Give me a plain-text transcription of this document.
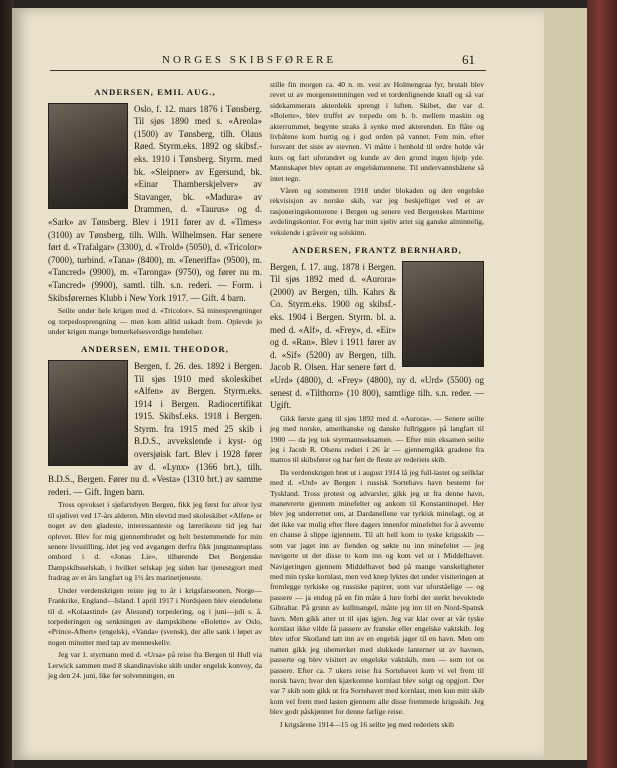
NORGES SKIBSFØRERE	61
ANDERSEN, EMIL AUG.,

Oslo, f. 12. mars 1876 i Tønsberg. Til sjøs 1890 med s. «Areola» (1500) av Tønsberg, tilh. Olaus Røed. Styrm.eks. 1892 og skibsf.-eks. 1910 i Tønsberg. Styrm. med bk. «Sleipner» av Egersund, bk. «Einar Thamberskjelver» av Stavanger, bk. «Madura» av Drammen, d. «Taurus» og d. «Sark» av Tønsberg. Blev i 1911 fører av d. «Times» (3100) av Tønsberg, tilh. Wilh. Wilhelmsen. Har senere ført d. «Trafalgar» (3300), d. «Trold» (5050), d. «Tricolor» (7000), turbind. «Tana» (8400), m. «Teneriffa» (9500), m. «Tancred» (9900), m. «Taronga» (9750), og fører nu m. «Tancred» (9900), samtl. tilh. s.n. rederi. — Form. i Skibsførernes Klubb i New York 1917. — Gift. 4 barn.

Seilte under hele krigen med d. «Tricolor». Så minesprengninger og torpedosprengning — men kom alltid uskadt frem. Oplevde jo under krigen mange bemerkelsesverdige hendelser.

ANDERSEN, EMIL THEODOR,

Bergen, f. 26. des. 1892 i Bergen. Til sjøs 1910 med skoleskibet «Alfen» av Bergen. Styrm.eks. 1914 i Bergen. Radiocertifikat 1915. Skibsf.eks. 1918 i Bergen. Styrm. fra 1915 med 25 skib i B.D.S., avvekslende i kyst- og oversjøisk fart. Blev i 1928 fører av d. «Lynx» (1366 brt.), tilh. B.D.S., Bergen. Fører nu d. «Vesta» (1310 brt.) av samme rederi. — Gift. Ingen barn.

Tross opvokset i sjøfartsbyen Bergen, fikk jeg først for alvor lyst til sjølivet ved 17-års alderen. Min elevtid med skoleskibet «Alfen» er noget av den gladeste, interessanteste og lærerikeste tid jeg har oplevet. Blev for mig gjennembrudet og helt bestemmende for min senere livsstilling, idet jeg ved avgangen derfra fikk jungmannsplass ombord i d. «Jonas Lie», tilhørende Det Bergenske Dampskibsselskab, i hvilket selskap jeg siden har tjenestgjort med fradrag av et års langfart og 1½ års marinetjeneste.

Under verdenskrigen reiste jeg to år i krigsfarseonen, Norge—Frankrike, England—Island. I april 1917 i Nordsjøen blev eiendelene til d. «Kolaastind» (av Ålesund) torpedering, og i juni—juli s. å. torpederingen og senkningen av dampskibene «Bolette» av Oslo, «Prince-Albert» (engelsk), «Vanda» (svensk), der alle sank i løpet av nogen minutter med tap av menneskeliv.

Jeg var 1. styrmann med d. «Ursa» på reise fra Bergen til Hull via Lerwick sammen med 8 skandinaviske skib under engelsk konvoy, da jeg den 24. juni, like før solvenningen, en

stille fin morgen ca. 40 n. m. vest av Holmengraa fyr, brutalt blev revet ut av morgenstemningen ved et tordenlignende knall og så var sidekammerats akterdekk sprengt i luften. Skibet, der var d. «Bolette», blev truffet av torpedo om b. b. mellem maskin og akterrummet, begynte straks å synke med akterenden. En flåte og livbåtene kom hurtig og i god orden på vannet. Fem min. efter forsvant det siste av stevnen. Vi måtte i henhold til ordre holde vår kurs og fart uforandret og kunde av den grund ingen hjelp yde. Mannskapet blev optatt av engelskmennene. Til undervannsbåtene så intet tegn.

Våren og sommeren 1918 under blokaden og den engelske rekvisisjon av norske skib, var jeg beskjeftiget ved et av rasjoneringskontorene i Bergen og senere ved Bergenskes Maritime avdelingskontor. For øvrig har mitt sjøliv artet sig ganske alminnelig, vekslende i gråveir og solskinn.

ANDERSEN, FRANTZ BERNHARD,

Bergen, f. 17. aug. 1878 i Bergen. Til sjøs 1892 med d. «Aurora» (2000) av Bergen, tilh. Kahrs & Co. Styrm.eks. 1900 og skibsf.-eks. 1904 i Bergen. Styrm. bl. a. med d. «Alf», d. «Frey», d. «Eir» og d. «Ran». Blev i 1911 fører av d. «Sif» (5200) av Bergen, tilh. Jacob R. Olsen. Har senere ført d. «Urd» (4800), d. «Frey» (4800), ny d. «Urd» (5500) og senest d. «Tilthorn» (10 800), samtlige tilh. s.n. reder. — Ugift.

Gikk første gang til sjøs 1892 med d. «Aurora». — Senere seilte jeg med norske, amerikanske og danske fullriggere på langfart til 1900 — da jeg tok styrmannseksamen. — Efter min eksamen seilte jeg i Jacob R. Olsens rederi i 26 år — gjennemgikk gradene fra matros til skibsfører og har ført de fleste av rederiets skib.

Da verdenskrigen brøt ut i august 1914 lå jeg full-lastet og seilklar med d. «Urd» av Bergen i russisk Sortehavs havn bestemt for Tyskland. Tross protest og advarsler, gikk jeg ut fra denne havn, manøvrerte gjennem minefeltet og ankom til Konstantinopel. Her blev jeg underrettet om, at Dardanellene var tyrkisk minelagt, og at det ikke var mulig efter flere dagers innenfor minefeltet for å avvente en chanse å slippe igjennem. Til alt hell kom to tyske krigsskib — som var jaget inn av fienden og søkte nu inn minefeltet — jeg navigerte ut der disse to kom inn og kom vel ut i Middelhavet. Navigeringen gjennem Middelhavet bød på mange vanskeligheter med min tyske kornlast, men ved knep lyktes det under visiteringen at fremlegge tyrkiske og russiske papirer, som var uforståelige — og passere — ja endog på en fin måte å lure forbi det sterkt bevoktede Gibraltar. På grunn av kullmangel, måtte jeg inn til en Nord-Spansk havn. Men gikk atter ut til sjøs igjen. Jeg var klar over at vår tyske kornlast ikke vilde få passere av franske eller engelske vaktskib. Jeg blev utfor Skotland tatt inn av en engelsk jager til en havn. Men om natten gikk jeg ubemerket med slukkede lanterner ut av havnen, passerte og blev visitert av engelske vaktskib, men — som tot os passere. Efter ca. 7 ukers reise fra Sortehavet kom vi vel frem til norsk havn; hvor den kjærkomne kornlast blev solgt og opgjort. Der var 7 skib som gikk ut fra Sortehavet med kornlast, men kun mitt skib kom vel frem med lasten gjennem alle disse fremmede krigsskib. Jeg blev godt påskjønnet for denne farlige reise.

I krigsårene 1914—15 og 16 seilte jeg med rederiets skib
